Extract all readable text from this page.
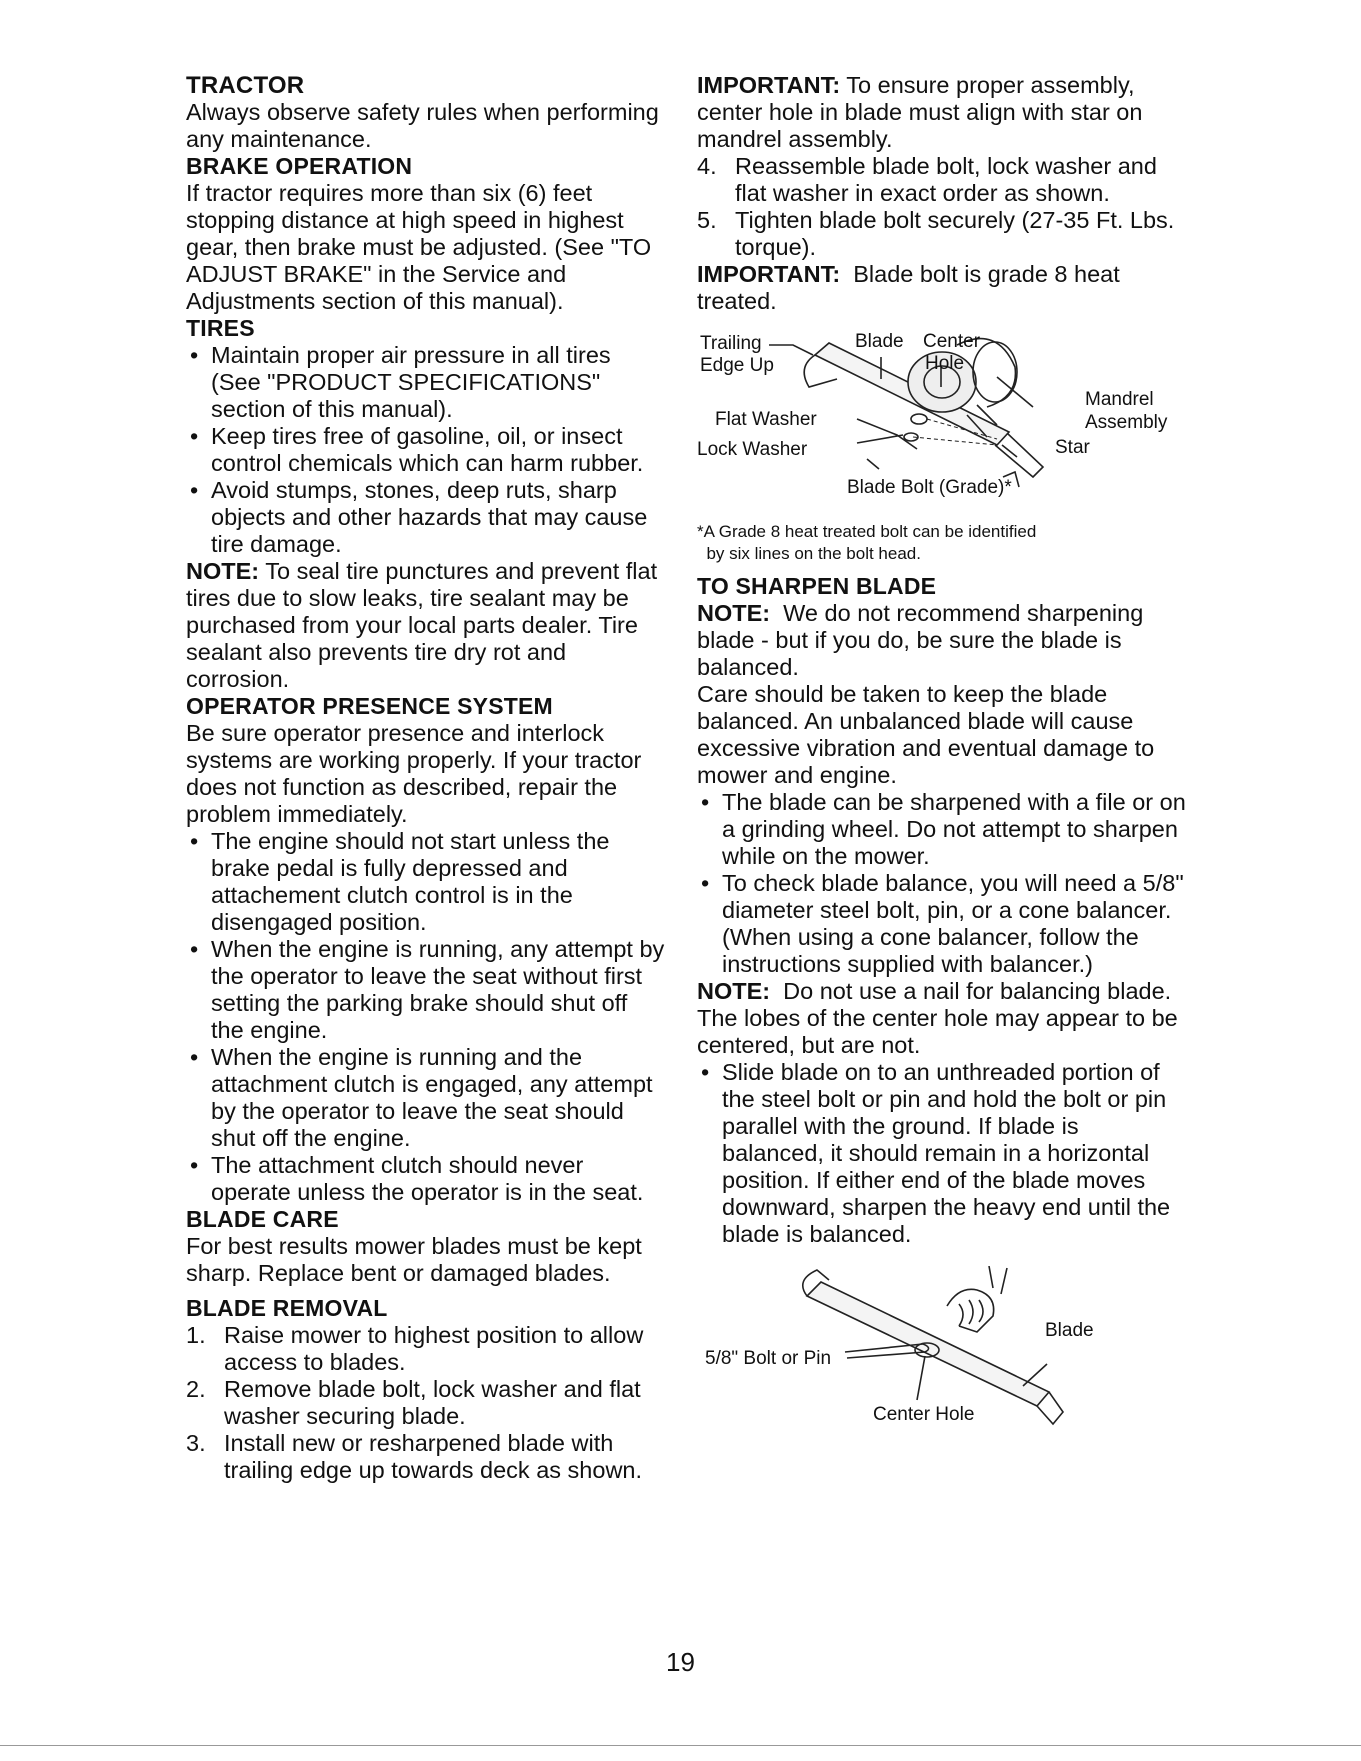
TRACTOR

Always observe safety rules when performing any maintenance.

BRAKE OPERATION

If tractor requires more than six (6) feet stopping distance at high speed in highest gear, then brake must be adjusted. (See "TO ADJUST BRAKE" in the Service and Adjustments section of this manual).

TIRES
• Maintain proper air pressure in all tires (See "PRODUCT SPECIFICATIONS" section of this manual).
• Keep tires free of gasoline, oil, or insect control chemicals which can harm rubber.
• Avoid stumps, stones, deep ruts, sharp objects and other hazards that may cause tire damage.

NOTE: To seal tire punctures and prevent flat tires due to slow leaks, tire sealant may be purchased from your local parts dealer. Tire sealant also prevents tire dry rot and corrosion.

OPERATOR PRESENCE SYSTEM

Be sure operator presence and interlock systems are working properly. If your tractor does not function as described, repair the problem immediately.

• The engine should not start unless the brake pedal is fully depressed and attachement clutch control is in the disengaged position.
• When the engine is running, any attempt by the operator to leave the seat without first setting the parking brake should shut off the engine.
• When the engine is running and the attachment clutch is engaged, any attempt by the operator to leave the seat should shut off the engine.
• The attachment clutch should never operate unless the operator is in the seat.
BLADE CARE

For best results mower blades must be kept sharp. Replace bent or damaged blades.

BLADE REMOVAL
1. Raise mower to highest position to allow access to blades.
2. Remove blade bolt, lock washer and flat washer securing blade.
3. Install new or resharpened blade with trailing edge up towards deck as shown.

IMPORTANT: To ensure proper assembly, center hole in blade must align with star on mandrel assembly.

4. Reassemble blade bolt, lock washer and flat washer in exact order as shown.
5. Tighten blade bolt securely (27-35 Ft. Lbs. torque).

IMPORTANT: Blade bolt is grade 8 heat treated.

Trailing
Edge Up
Blade Center
Hole
Mandrel
Assembly
Flat Washer
Lock Washer	Star
Blade Bolt (Grade)*

*A Grade 8 heat treated bolt can be identified
by six lines on the bolt head.

TO SHARPEN BLADE

NOTE: We do not recommend sharpening blade - but if you do, be sure the blade is balanced.

Care should be taken to keep the blade balanced. An unbalanced blade will cause excessive vibration and eventual damage to mower and engine.

• The blade can be sharpened with a file or on a grinding wheel. Do not attempt to sharpen while on the mower.
• To check blade balance, you will need a 5/8" diameter steel bolt, pin, or a cone balancer. (When using a cone balancer, follow the instructions supplied with balancer.)

NOTE: Do not use a nail for balancing blade. The lobes of the center hole may appear to be centered, but are not.

• Slide blade on to an unthreaded portion of the steel bolt or pin and hold the bolt or pin parallel with the ground. If blade is balanced, it should remain in a horizontal position. If either end of the blade moves downward, sharpen the heavy end until the blade is balanced.
5/8" Bolt or Pin
Blade
Center Hole
19
